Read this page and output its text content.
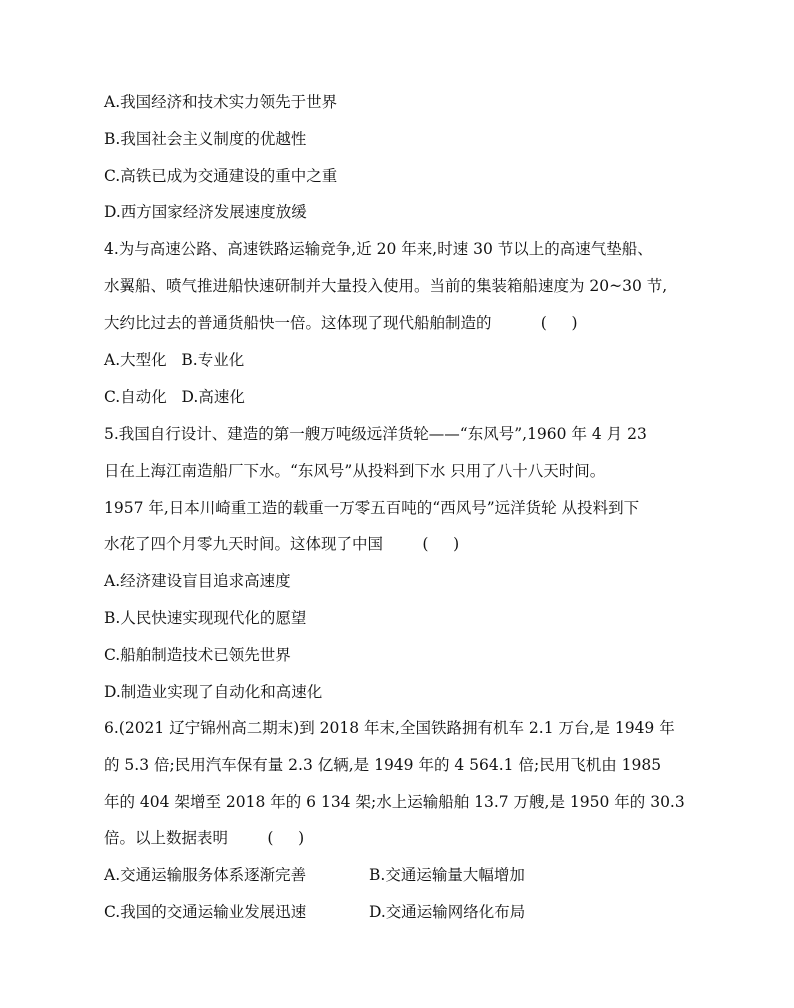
A.我国经济和技术实力领先于世界
B.我国社会主义制度的优越性
C.高铁已成为交通建设的重中之重
D.西方国家经济发展速度放缓
4.为与高速公路、高速铁路运输竞争,近 20 年来,时速 30 节以上的高速气垫船、
水翼船、喷气推进船快速研制并大量投入使用。当前的集装箱船速度为 20~30 节,
大约比过去的普通货船快一倍。这体现了现代船舶制造的          (     )
A.大型化   B.专业化
C.自动化   D.高速化
5.我国自行设计、建造的第一艘万吨级远洋货轮——“东风号”,1960 年 4 月 23
日在上海江南造船厂下水。“东风号”从投料到下水 只用了八十八天时间。
1957 年,日本川崎重工造的载重一万零五百吨的“西风号”远洋货轮 从投料到下
水花了四个月零九天时间。这体现了中国        (     )
A.经济建设盲目追求高速度
B.人民快速实现现代化的愿望
C.船舶制造技术已领先世界
D.制造业实现了自动化和高速化
6.(2021 辽宁锦州高二期末)到 2018 年末,全国铁路拥有机车 2.1 万台,是 1949 年
的 5.3 倍;民用汽车保有量 2.3 亿辆,是 1949 年的 4 564.1 倍;民用飞机由 1985
年的 404 架增至 2018 年的 6 134 架;水上运输船舶 13.7 万艘,是 1950 年的 30.3
倍。以上数据表明        (     )
A.交通运输服务体系逐渐完善	B.交通运输量大幅增加
C.我国的交通运输业发展迅速	D.交通运输网络化布局
